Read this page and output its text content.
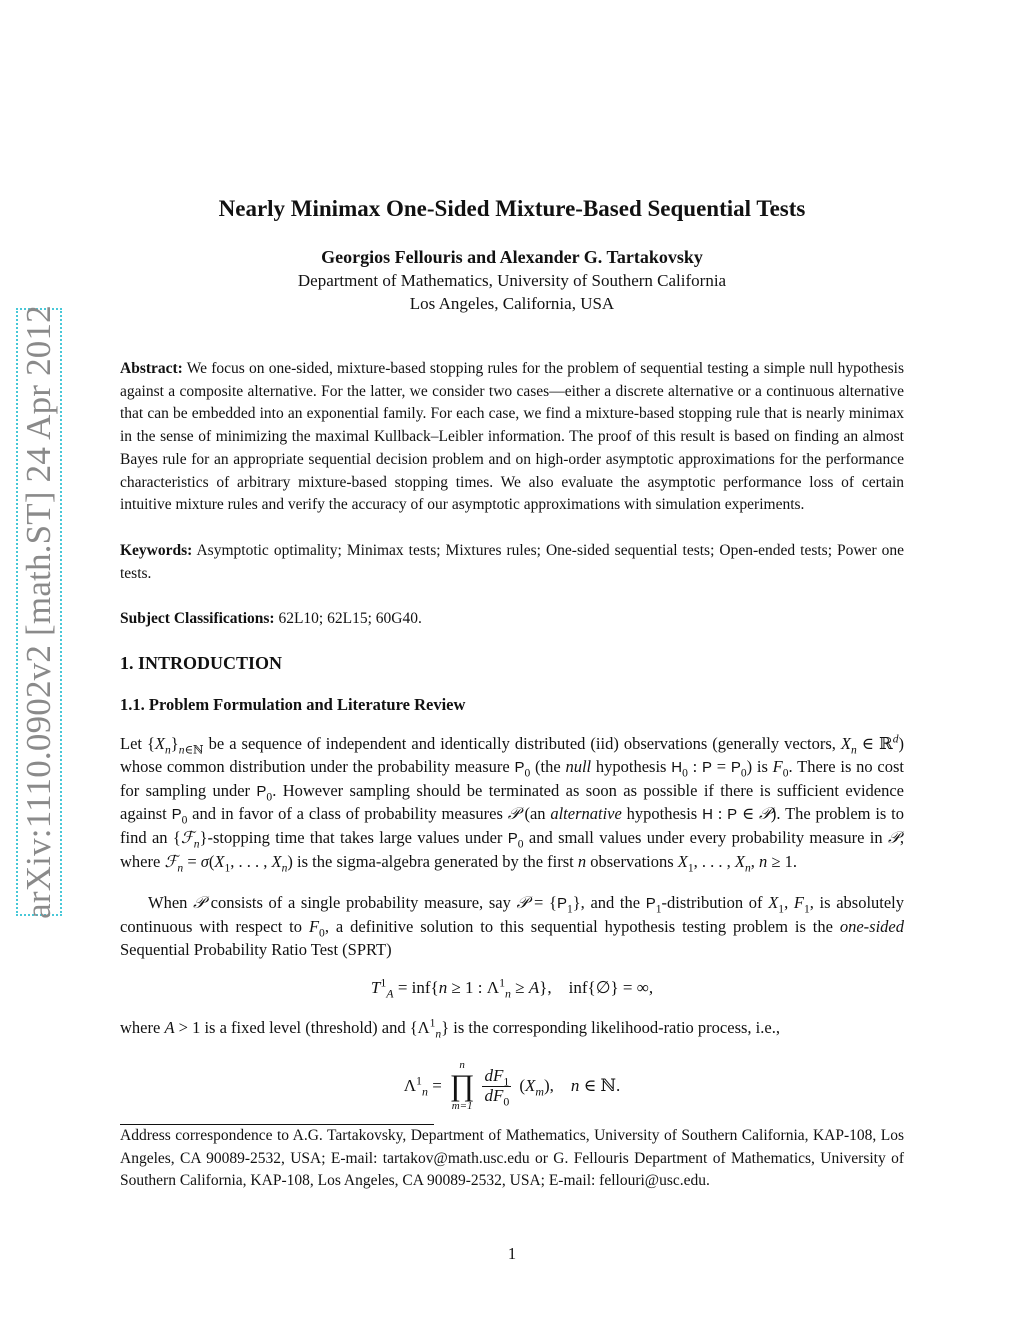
arXiv:1110.0902v2 [math.ST] 24 Apr 2012
Nearly Minimax One-Sided Mixture-Based Sequential Tests
Georgios Fellouris and Alexander G. Tartakovsky
Department of Mathematics, University of Southern California
Los Angeles, California, USA
Abstract: We focus on one-sided, mixture-based stopping rules for the problem of sequential testing a simple null hypothesis against a composite alternative. For the latter, we consider two cases—either a discrete alternative or a continuous alternative that can be embedded into an exponential family. For each case, we find a mixture-based stopping rule that is nearly minimax in the sense of minimizing the maximal Kullback–Leibler information. The proof of this result is based on finding an almost Bayes rule for an appropriate sequential decision problem and on high-order asymptotic approximations for the performance characteristics of arbitrary mixture-based stopping times. We also evaluate the asymptotic performance loss of certain intuitive mixture rules and verify the accuracy of our asymptotic approximations with simulation experiments.
Keywords: Asymptotic optimality; Minimax tests; Mixtures rules; One-sided sequential tests; Open-ended tests; Power one tests.
Subject Classifications: 62L10; 62L15; 60G40.
1. INTRODUCTION
1.1. Problem Formulation and Literature Review
Let $\{X_n\}_{n\in ℕ}$ be a sequence of independent and identically distributed (iid) observations (generally vectors, $X_n$ ∈ ℝ$^d$) whose common distribution under the probability measure $P_0$ (the null hypothesis $H_0$ : $P = P_0$) is $F_0$. There is no cost for sampling under $P_0$. However sampling should be terminated as soon as possible if there is sufficient evidence against $P_0$ and in favor of a class of probability measures 𝒫 (an alternative hypothesis H : P ∈ 𝒫). The problem is to find an {ℱ$_n$}-stopping time that takes large values under $P_0$ and small values under every probability measure in 𝒫, where ℱ$_n$ = $\sigma(X_1$, . . . , $X_n$) is the sigma-algebra generated by the first n observations $X_1$, . . . , $X_n$, n ≥ 1.
When 𝒫 consists of a single probability measure, say 𝒫 = $\{P_1\}$, and the $P_1$-distribution of $X_1$, $F_1$, is absolutely continuous with respect to $F_0$, a definitive solution to this sequential hypothesis testing problem is the one-sided Sequential Probability Ratio Test (SPRT)
$T^1_A = inf\{n \ge 1$ : $\Lambda^1_n \ge A$},    inf{∅} = ∞,
where A > 1 is a fixed level (threshold) and $\{\Lambda^1_n\}$ is the corresponding likelihood-ratio process, i.e.,
$\Lambda^1_n$ =
n
∏
m=1
$\frac{dF_1}{dF_0} (X_m)$,    n ∈ ℕ.
Address correspondence to A.G. Tartakovsky, Department of Mathematics, University of Southern California, KAP-108, Los Angeles, CA 90089-2532, USA; E-mail: tartakov@math.usc.edu or G. Fellouris Department of Mathematics, University of Southern California, KAP-108, Los Angeles, CA 90089-2532, USA; E-mail: fellouri@usc.edu.
1
